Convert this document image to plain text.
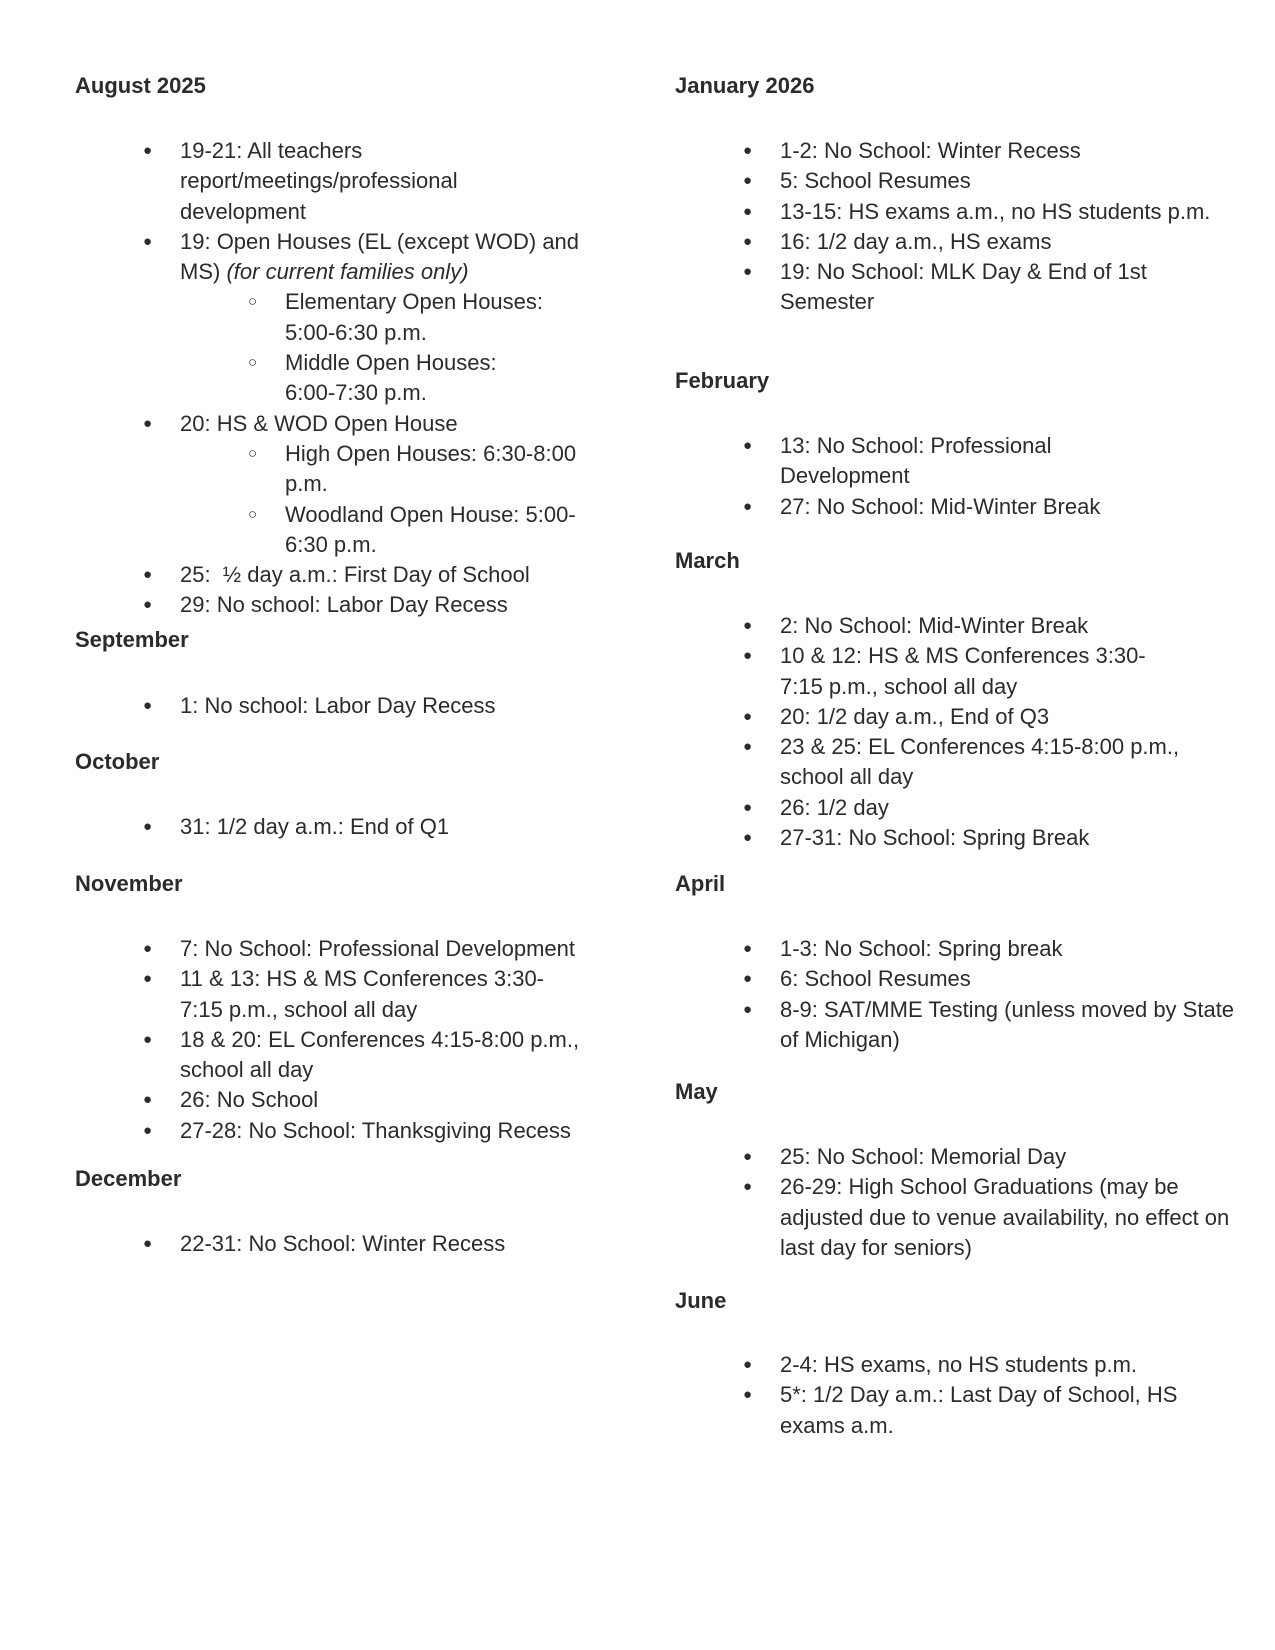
August 2025
● 19-21: All teachers report/meetings/professional development
● 19: Open Houses (EL (except WOD) and MS) (for current families only)
○ Elementary Open Houses: 5:00-6:30 p.m.
○ Middle Open Houses: 6:00-7:30 p.m.
● 20: HS & WOD Open House
○ High Open Houses: 6:30-8:00 p.m.
○ Woodland Open House: 5:00-6:30 p.m.
● 25:  ½ day a.m.: First Day of School
● 29: No school: Labor Day Recess
September
● 1: No school: Labor Day Recess
October
● 31: 1/2 day a.m.: End of Q1
November
● 7: No School: Professional Development
● 11 & 13: HS & MS Conferences 3:30-7:15 p.m., school all day
● 18 & 20: EL Conferences 4:15-8:00 p.m., school all day
● 26: No School
● 27-28: No School: Thanksgiving Recess
December
● 22-31: No School: Winter Recess
January 2026
● 1-2: No School: Winter Recess
● 5: School Resumes
● 13-15: HS exams a.m., no HS students p.m.
● 16: 1/2 day a.m., HS exams
● 19: No School: MLK Day & End of 1st Semester
February
● 13: No School: Professional Development
● 27: No School: Mid-Winter Break
March
● 2: No School: Mid-Winter Break
● 10 & 12: HS & MS Conferences 3:30-7:15 p.m., school all day
● 20: 1/2 day a.m., End of Q3
● 23 & 25: EL Conferences 4:15-8:00 p.m., school all day
● 26: 1/2 day
● 27-31: No School: Spring Break
April
● 1-3: No School: Spring break
● 6: School Resumes
● 8-9: SAT/MME Testing (unless moved by State of Michigan)
May
● 25: No School: Memorial Day
● 26-29: High School Graduations (may be adjusted due to venue availability, no effect on last day for seniors)
June
● 2-4: HS exams, no HS students p.m.
● 5*: 1/2 Day a.m.: Last Day of School, HS exams a.m.
